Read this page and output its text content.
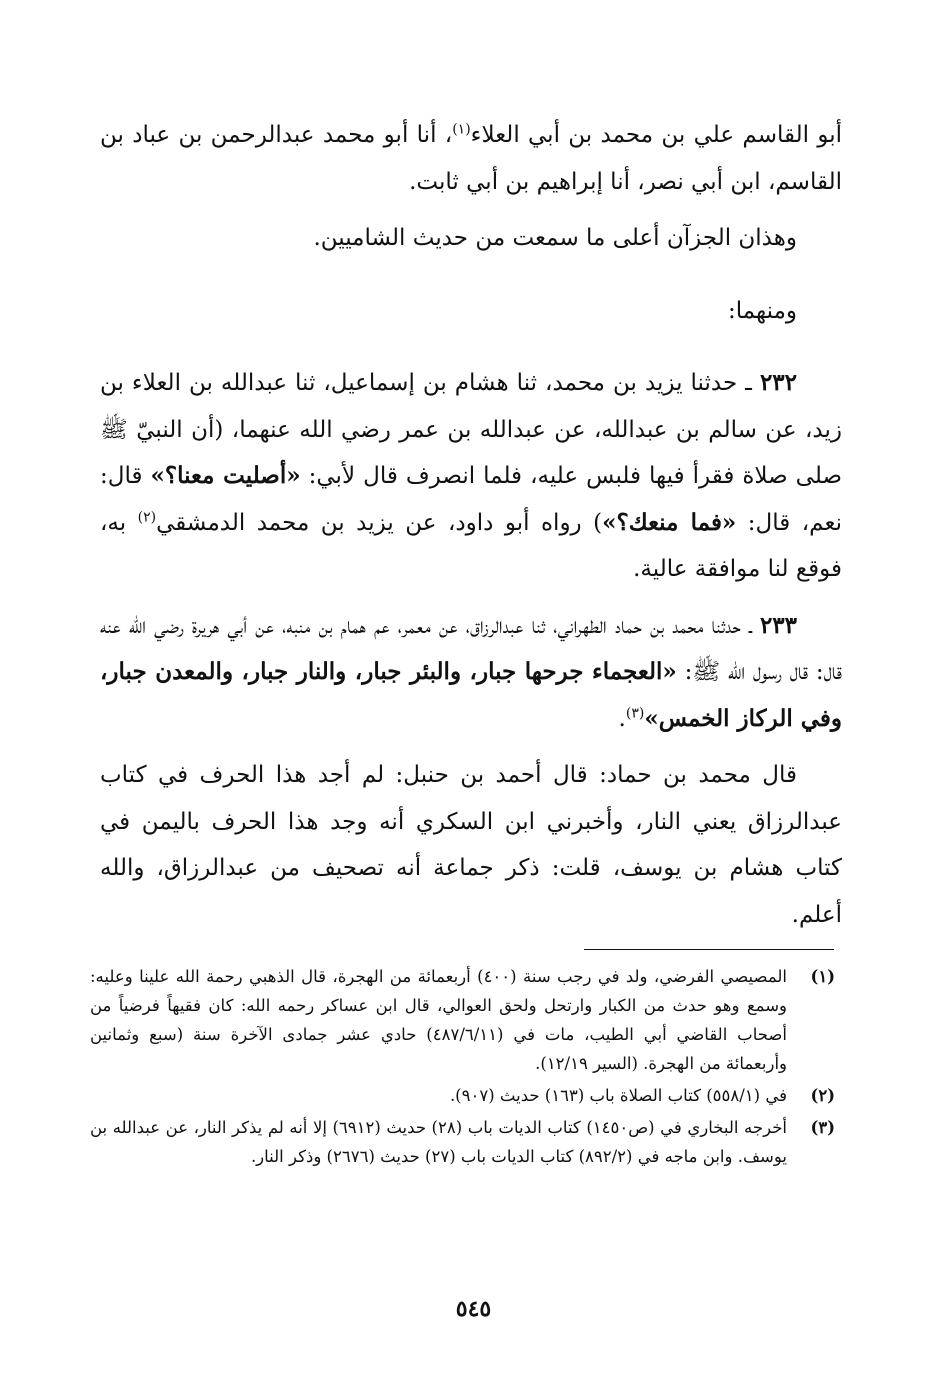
أبو القاسم علي بن محمد بن أبي العلاء$^{(١)}$، أنا أبو محمد عبدالرحمن بن عباد بن القاسم، ابن أبي نصر، أنا إبراهيم بن أبي ثابت.

وهذان الجزآن أعلى ما سمعت من حديث الشاميين.

ومنهما:

٢٣٢ ـ حدثنا يزيد بن محمد، ثنا هشام بن إسماعيل، ثنا عبدالله بن العلاء بن زيد، عن سالم بن عبدالله، عن عبدالله بن عمر رضي الله عنهما، (أن النبيّ ﷺ صلى صلاة فقرأ فيها فلبس عليه، فلما انصرف قال لأبي: «أصليت معنا؟» قال: نعم، قال: «فما منعك؟») رواه أبو داود، عن يزيد بن محمد الدمشقي$^{(٢)}$ به، فوقع لنا موافقة عالية.

٢٣٣ ـ حدثنا محمد بن حماد الطهراني، ثنا عبدالرزاق، عن معمر، عم همام بن منبه، عن أبي هريرة رضي الله عنه قال: قال رسول الله ﷺ: «العجماء جرحها جبار، والبئر جبار، والنار جبار، والمعدن جبار، وفي الركاز الخمس»$^{(٣)}$.

قال محمد بن حماد: قال أحمد بن حنبل: لم أجد هذا الحرف في كتاب عبدالرزاق يعني النار، وأخبرني ابن السكري أنه وجد هذا الحرف باليمن في كتاب هشام بن يوسف، قلت: ذكر جماعة أنه تصحيف من عبدالرزاق، والله أعلم.

(١)
المصيصي الفرضي، ولد في رجب سنة (٤٠٠) أربعمائة من الهجرة، قال الذهبي رحمة الله علينا وعليه: وسمع وهو حدث من الكبار وارتحل ولحق العوالي، قال ابن عساكر رحمه الله: كان فقيهاً فرضياً من أصحاب القاضي أبي الطيب، مات في (٤٨٧/٦/١١) حادي عشر جمادى الآخرة سنة (سبع وثمانين وأربعمائة من الهجرة. (السير ١٢/١٩).
(٢)
في (٥٥٨/١) كتاب الصلاة باب (١٦٣) حديث (٩٠٧).
(٣)
أخرجه البخاري في (ص١٤٥٠) كتاب الديات باب (٢٨) حديث (٦٩١٢) إلا أنه لم يذكر النار، عن عبدالله بن يوسف. وابن ماجه في (٨٩٢/٢) كتاب الديات باب (٢٧) حديث (٢٦٧٦) وذكر النار.
٥٤٥
